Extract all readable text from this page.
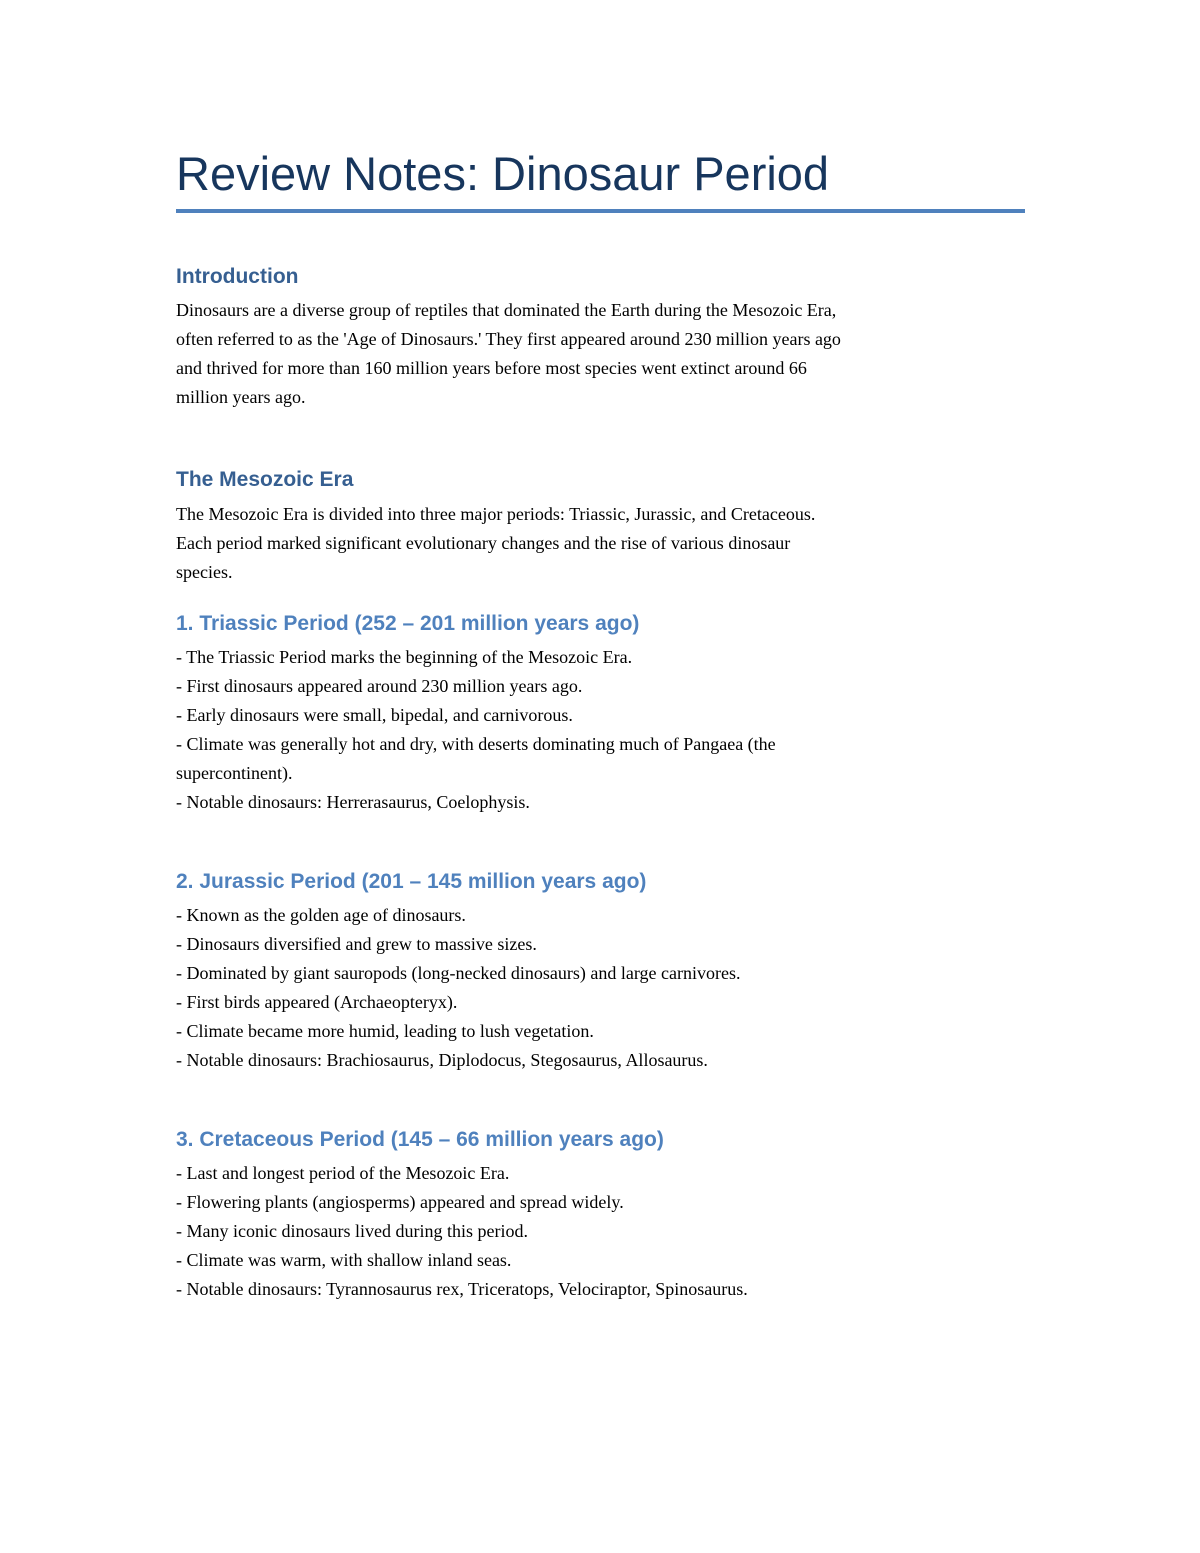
Review Notes: Dinosaur Period
Introduction
Dinosaurs are a diverse group of reptiles that dominated the Earth during the Mesozoic Era,
often referred to as the 'Age of Dinosaurs.' They first appeared around 230 million years ago
and thrived for more than 160 million years before most species went extinct around 66
million years ago.
The Mesozoic Era
The Mesozoic Era is divided into three major periods: Triassic, Jurassic, and Cretaceous.
Each period marked significant evolutionary changes and the rise of various dinosaur
species.
1. Triassic Period (252 – 201 million years ago)
- The Triassic Period marks the beginning of the Mesozoic Era.
- First dinosaurs appeared around 230 million years ago.
- Early dinosaurs were small, bipedal, and carnivorous.
- Climate was generally hot and dry, with deserts dominating much of Pangaea (the
supercontinent).
- Notable dinosaurs: Herrerasaurus, Coelophysis.
2. Jurassic Period (201 – 145 million years ago)
- Known as the golden age of dinosaurs.
- Dinosaurs diversified and grew to massive sizes.
- Dominated by giant sauropods (long-necked dinosaurs) and large carnivores.
- First birds appeared (Archaeopteryx).
- Climate became more humid, leading to lush vegetation.
- Notable dinosaurs: Brachiosaurus, Diplodocus, Stegosaurus, Allosaurus.
3. Cretaceous Period (145 – 66 million years ago)
- Last and longest period of the Mesozoic Era.
- Flowering plants (angiosperms) appeared and spread widely.
- Many iconic dinosaurs lived during this period.
- Climate was warm, with shallow inland seas.
- Notable dinosaurs: Tyrannosaurus rex, Triceratops, Velociraptor, Spinosaurus.
